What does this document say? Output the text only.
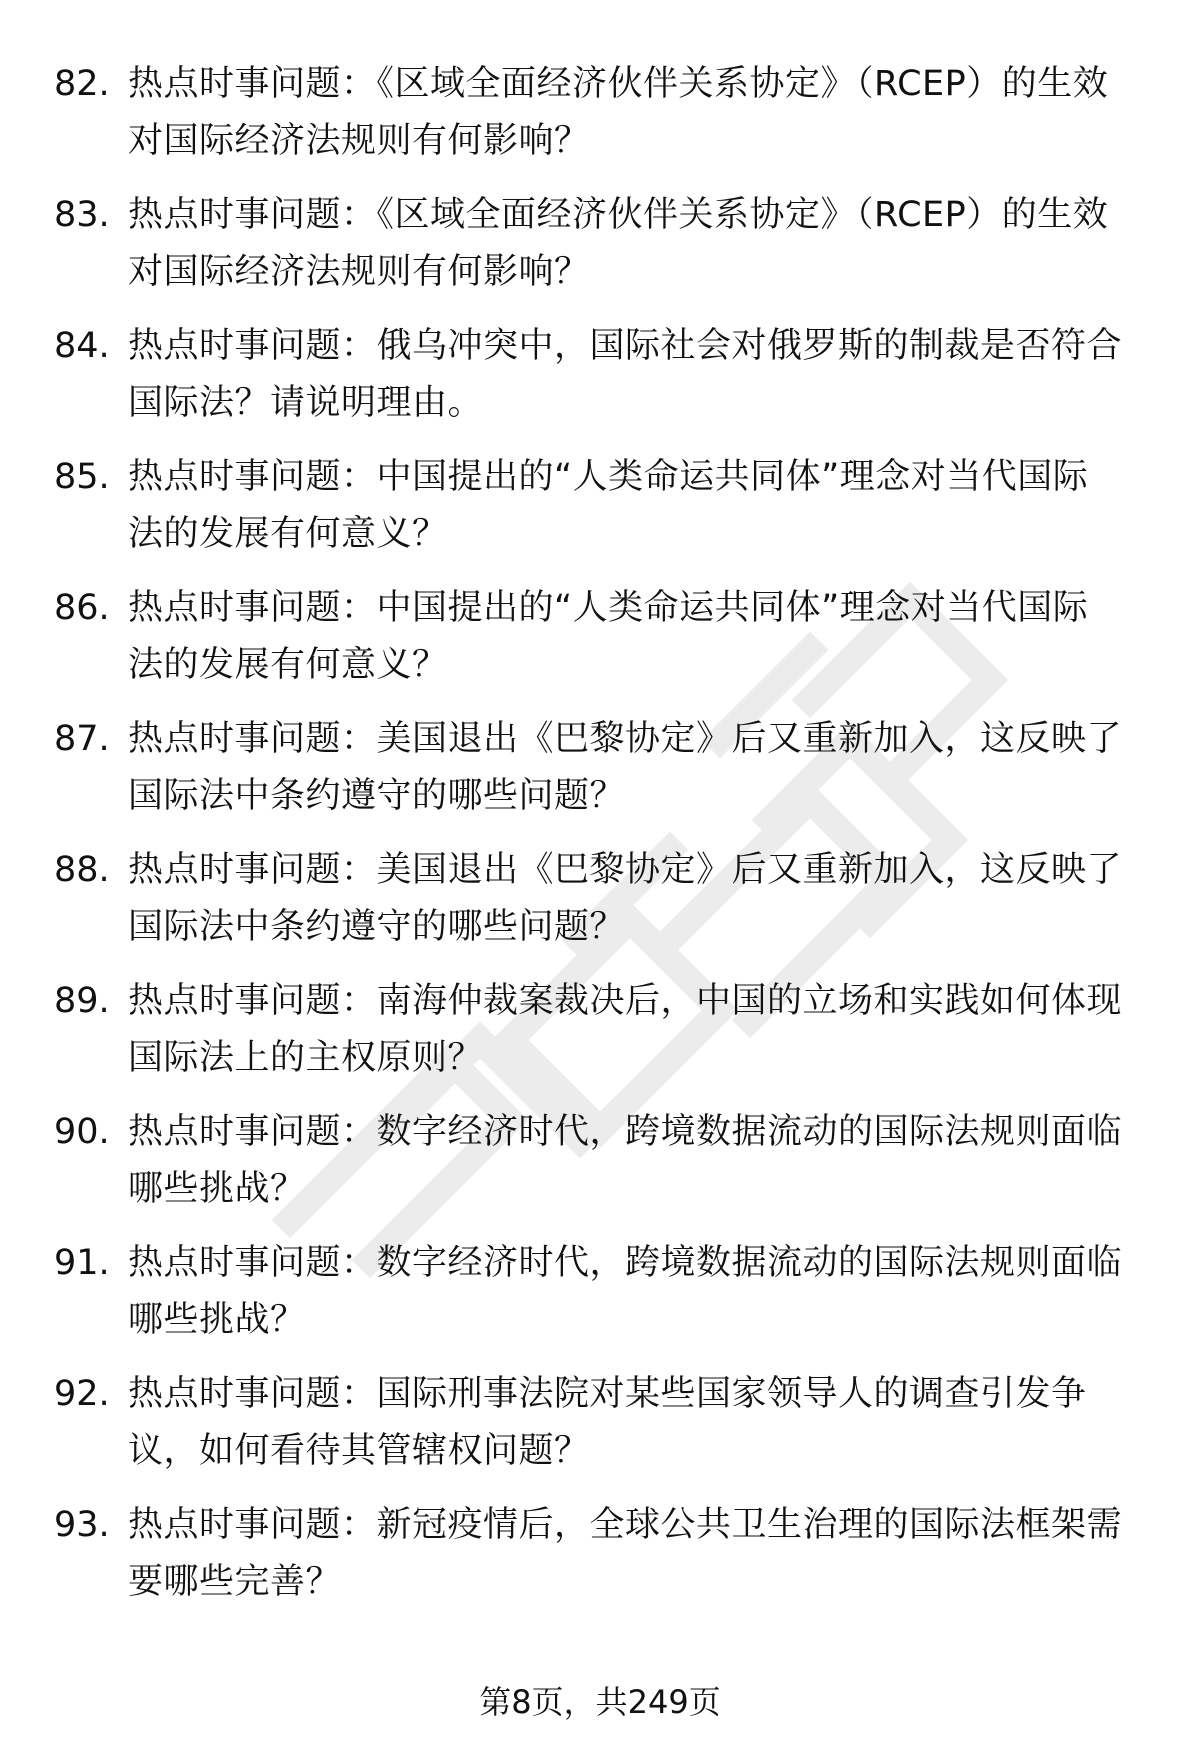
82. 热点时事问题：《区域全面经济伙伴关系协定》（RCEP）的生效
对国际经济法规则有何影响？
83. 热点时事问题：《区域全面经济伙伴关系协定》（RCEP）的生效
对国际经济法规则有何影响？
84. 热点时事问题：俄乌冲突中，国际社会对俄罗斯的制裁是否符合
国际法？请说明理由。
85. 热点时事问题：中国提出的“人类命运共同体”理念对当代国际
法的发展有何意义？
86. 热点时事问题：中国提出的“人类命运共同体”理念对当代国际
法的发展有何意义？
87. 热点时事问题：美国退出《巴黎协定》后又重新加入，这反映了
国际法中条约遵守的哪些问题？
88. 热点时事问题：美国退出《巴黎协定》后又重新加入，这反映了
国际法中条约遵守的哪些问题？
89. 热点时事问题：南海仲裁案裁决后，中国的立场和实践如何体现
国际法上的主权原则？
90. 热点时事问题：数字经济时代，跨境数据流动的国际法规则面临
哪些挑战？
91. 热点时事问题：数字经济时代，跨境数据流动的国际法规则面临
哪些挑战？
92. 热点时事问题：国际刑事法院对某些国家领导人的调查引发争
议，如何看待其管辖权问题？
93. 热点时事问题：新冠疫情后，全球公共卫生治理的国际法框架需
要哪些完善？
第8页，共249页
